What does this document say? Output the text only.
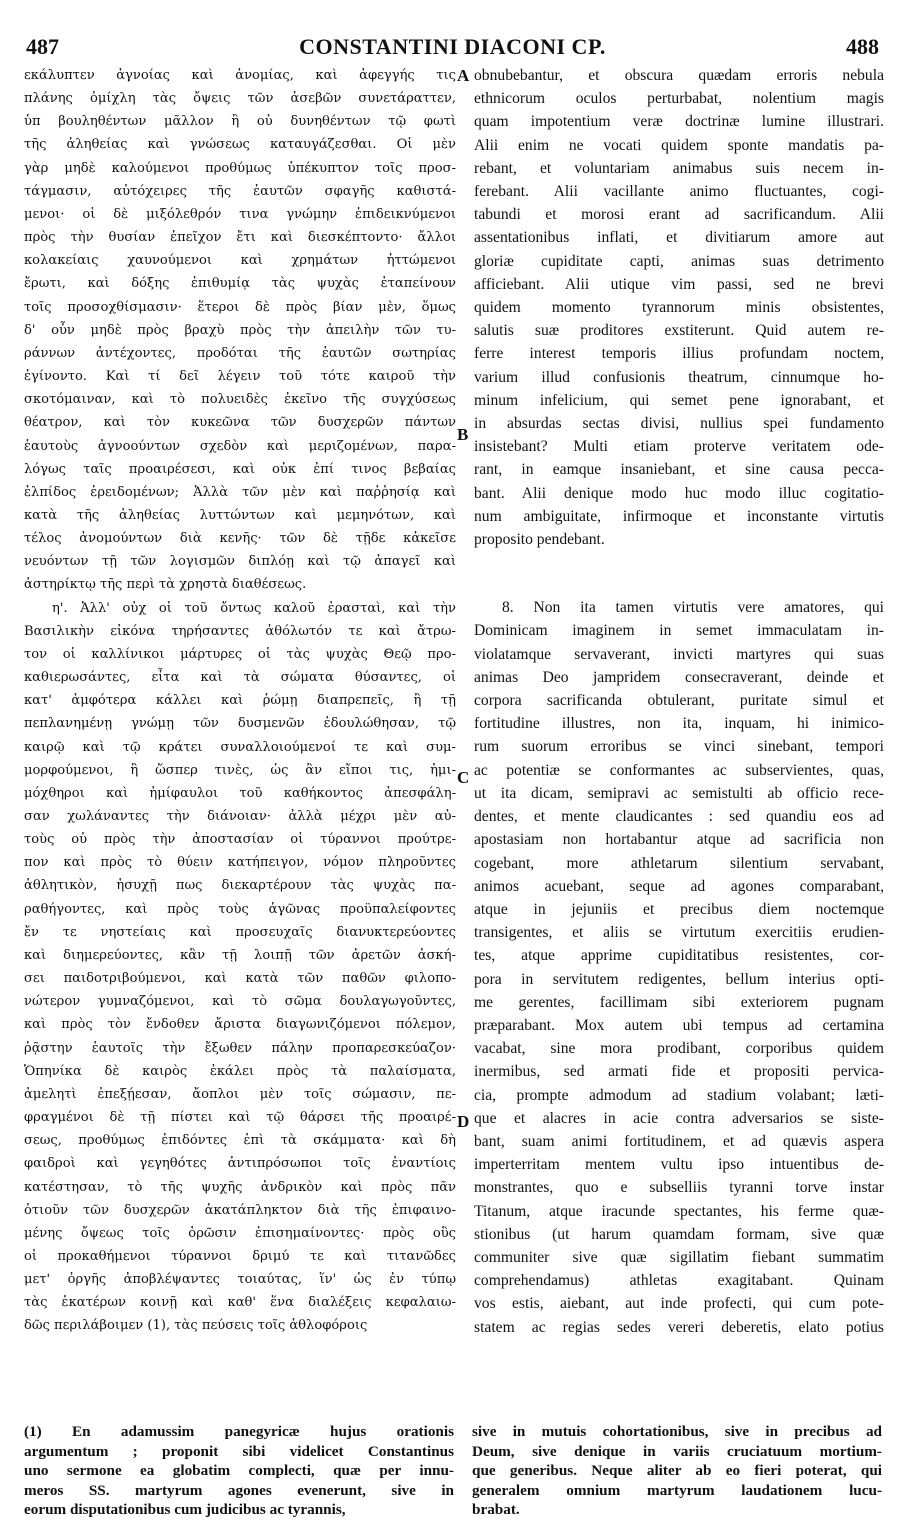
487	CONSTANTINI DIACONI CP.	488
εκάλυπτεν ἀγνοίας καὶ ἀνομίας, καὶ ἀφεγγής τις
πλάνης ὁμίχλη τὰς ὄψεις τῶν ἀσεβῶν συνετάραττεν,
ὑπ βουληθέντων μᾶλλον ἢ οὐ δυνηθέντων τῷ φωτὶ
τῆς ἀληθείας καὶ γνώσεως καταυγάζεσθαι. Οἱ μὲν
γὰρ μηδὲ καλούμενοι προθύμως ὑπέκυπτον τοῖς προσ-
τάγμασιν, αὐτόχειρες τῆς ἑαυτῶν σφαγῆς καθιστά-
μενοι· οἱ δὲ μιξόλεθρόν τινα γνώμην ἐπιδεικνύμενοι
πρὸς τὴν θυσίαν ἐπεῖχον ἔτι καὶ διεσκέπτοντο· ἄλλοι
κολακείαις χαυνούμενοι καὶ χρημάτων ἡττώμενοι
ἔρωτι, καὶ δόξης ἐπιθυμίᾳ τὰς ψυχὰς ἐταπείνουν
τοῖς προσοχθίσμασιν· ἕτεροι δὲ πρὸς βίαν μὲν, ὅμως
δ' οὖν μηδὲ πρὸς βραχὺ πρὸς τὴν ἀπειλὴν τῶν τυ-
ράννων ἀντέχοντες, προδόται τῆς ἑαυτῶν σωτηρίας
ἐγίνοντο. Καὶ τί δεῖ λέγειν τοῦ τότε καιροῦ τὴν
σκοτόμαιναν, καὶ τὸ πολυειδὲς ἐκεῖνο τῆς συγχύσεως
θέατρον, καὶ τὸν κυκεῶνα τῶν δυσχερῶν πάντων
ἑαυτοὺς ἀγνοούντων σχεδὸν καὶ μεριζομένων, παρα-
λόγως ταῖς προαιρέσεσι, καὶ οὐκ ἐπί τινος βεβαίας
ἐλπίδος ἐρειδομένων; Ἀλλὰ τῶν μὲν καὶ παῤῥησίᾳ καὶ
κατὰ τῆς ἀληθείας λυττώντων καὶ μεμηνότων, καὶ
τέλος ἀνομούντων διὰ κενῆς· τῶν δὲ τῇδε κἀκεῖσε
νευόντων τῇ τῶν λογισμῶν διπλόῃ καὶ τῷ ἀπαγεῖ καὶ
ἀστηρίκτῳ τῆς περὶ τὰ χρηστὰ διαθέσεως.
η'. Ἀλλ' οὐχ οἱ τοῦ ὄντως καλοῦ ἐρασταὶ, καὶ τὴν
Βασιλικὴν εἰκόνα τηρήσαντες ἀθόλωτόν τε καὶ ἄτρω-
τον οἱ καλλίνικοι μάρτυρες οἱ τὰς ψυχὰς Θεῷ προ-
καθιερωσάντες, εἶτα καὶ τὰ σώματα θύσαντες, οἱ
κατ' ἀμφότερα κάλλει καὶ ῥώμῃ διαπρεπεῖς, ἢ τῇ
πεπλανημένῃ γνώμῃ τῶν δυσμενῶν ἐδουλώθησαν, τῷ
καιρῷ καὶ τῷ κράτει συναλλοιούμενοί τε καὶ συμ-
μορφούμενοι, ἢ ὥσπερ τινὲς, ὡς ἂν εἴποι τις, ἡμι-
μόχθηροι καὶ ἡμίφαυλοι τοῦ καθήκοντος ἀπεσφάλη-
σαν χωλάναντες τὴν διάνοιαν· ἀλλὰ μέχρι μὲν αὐ-
τοὺς οὐ πρὸς τὴν ἀποστασίαν οἱ τύραννοι προύτρε-
πον καὶ πρὸς τὸ θύειν κατήπειγον, νόμον πληροῦντες
ἀθλητικὸν, ἡσυχῇ πως διεκαρτέρουν τὰς ψυχὰς πα-
ραθήγοντες, καὶ πρὸς τοὺς ἀγῶνας προϋπαλείφοντες
ἔν τε νηστείαις καὶ προσευχαῖς διανυκτερεύοντες
καὶ διημερεύοντες, κἂν τῇ λοιπῇ τῶν ἀρετῶν ἀσκή-
σει παιδοτριβούμενοι, καὶ κατὰ τῶν παθῶν φιλοπο-
νώτερον γυμναζόμενοι, καὶ τὸ σῶμα δουλαγωγοῦντες,
καὶ πρὸς τὸν ἔνδοθεν ἄριστα διαγωνιζόμενοι πόλεμον,
ῥᾷστην ἑαυτοῖς τὴν ἔξωθεν πάλην προπαρεσκεύαζον·
Ὁπηνίκα δὲ καιρὸς ἐκάλει πρὸς τὰ παλαίσματα,
ἀμελητὶ ἐπεξῄεσαν, ἄοπλοι μὲν τοῖς σώμασιν, πε-
φραγμένοι δὲ τῇ πίστει καὶ τῷ θάρσει τῆς προαιρέ-
σεως, προθύμως ἐπιδόντες ἐπὶ τὰ σκάμματα· καὶ δὴ
φαιδροὶ καὶ γεγηθότες ἀντιπρόσωποι τοῖς ἐναντίοις
κατέστησαν, τὸ τῆς ψυχῆς ἀνδρικὸν καὶ πρὸς πᾶν
ὁτιοῦν τῶν δυσχερῶν ἀκατάπληκτον διὰ τῆς ἐπιφαινο-
μένης ὄψεως τοῖς ὁρῶσιν ἐπισημαίνοντες· πρὸς οὓς
οἱ προκαθήμενοι τύραννοι δριμύ τε καὶ τιτανῶδες
μετ' ὀργῆς ἀποβλέψαντες τοιαύτας, ἵν' ὡς ἐν τύπῳ
τὰς ἑκατέρων κοινῇ καὶ καθ' ἕνα διαλέξεις κεφαλαιω-
δῶς περιλάβοιμεν (1), τὰς πεύσεις τοῖς ἀθλοφόροις
obnubebantur, et obscura quædam erroris nebula
ethnicorum oculos perturbabat, nolentium magis
quam impotentium veræ doctrinæ lumine illustrari.
Alii enim ne vocati quidem sponte mandatis pa-
rebant, et voluntariam animabus suis necem in-
ferebant. Alii vacillante animo fluctuantes, cogi-
tabundi et morosi erant ad sacrificandum. Alii
assentationibus inflati, et divitiarum amore aut
gloriæ cupiditate capti, animas suas detrimento
afficiebant. Alii utique vim passi, sed ne brevi
quidem momento tyrannorum minis obsistentes,
salutis suæ proditores exstiterunt. Quid autem re-
ferre interest temporis illius profundam noctem,
varium illud confusionis theatrum, cinnumque ho-
minum infelicium, qui semet pene ignorabant, et
in absurdas sectas divisi, nullius spei fundamento
insistebant? Multi etiam proterve veritatem ode-
rant, in eamque insaniebant, et sine causa pecca-
bant. Alii denique modo huc modo illuc cogitatio-
num ambiguitate, infirmoque et inconstante virtutis
proposito pendebant.
8. Non ita tamen virtutis vere amatores, qui
Dominicam imaginem in semet immaculatam in-
violatamque servaverant, invicti martyres qui suas
animas Deo jampridem consecraverant, deinde et
corpora sacrificanda obtulerant, puritate simul et
fortitudine illustres, non ita, inquam, hi inimico-
rum suorum erroribus se vinci sinebant, tempori
ac potentiæ se conformantes ac subservientes, quas,
ut ita dicam, semipravi ac semistulti ab officio rece-
dentes, et mente claudicantes : sed quandiu eos ad
apostasiam non hortabantur atque ad sacrificia non
cogebant, more athletarum silentium servabant,
animos acuebant, seque ad agones comparabant,
atque in jejuniis et precibus diem noctemque
transigentes, et aliis se virtutum exercitiis erudien-
tes, atque apprime cupiditatibus resistentes, cor-
pora in servitutem redigentes, bellum interius opti-
me gerentes, facillimam sibi exteriorem pugnam
præparabant. Mox autem ubi tempus ad certamina
vacabat, sine mora prodibant, corporibus quidem
inermibus, sed armati fide et propositi pervica-
cia, prompte admodum ad stadium volabant; læti-
que et alacres in acie contra adversarios se siste-
bant, suam animi fortitudinem, et ad quævis aspera
imperterritam mentem vultu ipso intuentibus de-
monstrantes, quo e subselliis tyranni torve instar
Titanum, atque iracunde spectantes, his ferme quæ-
stionibus (ut harum quamdam formam, sive quæ
communiter sive quæ sigillatim fiebant summatim
comprehendamus) athletas exagitabant. Quinam
vos estis, aiebant, aut inde profecti, qui cum pote-
statem ac regias sedes vereri deberetis, elato potius
A
B
C
D
(1) En adamussim panegyricæ hujus orationis
argumentum ; proponit sibi videlicet Constantinus
uno sermone ea globatim complecti, quæ per innu-
meros SS. martyrum agones evenerunt, sive in
eorum disputationibus cum judicibus ac tyrannis,
sive in mutuis cohortationibus, sive in precibus ad
Deum, sive denique in variis cruciatuum mortium-
que generibus. Neque aliter ab eo fieri poterat, qui
generalem omnium martyrum laudationem lucu-
brabat.
